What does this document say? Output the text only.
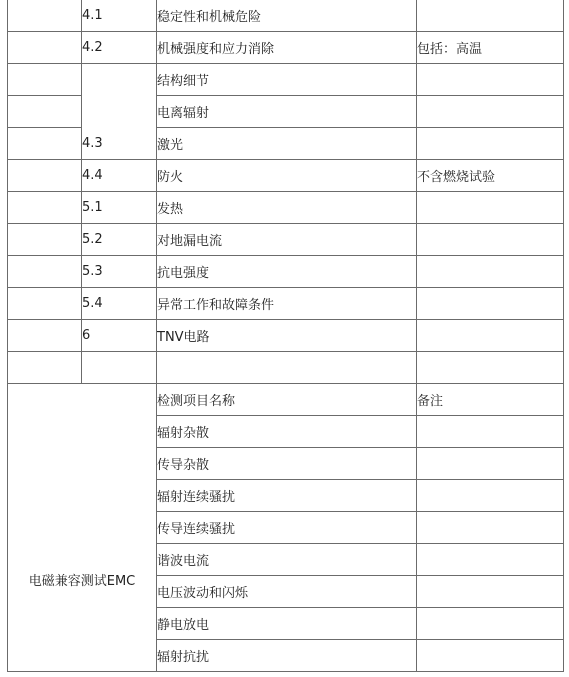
	4.1	稳定性和机械危险	
	4.2	机械强度和应力消除	包括：高温
	4.3	结构细节	
		电离辐射	
		激光	
	4.4	防火	不含燃烧试验
	5.1	发热	
	5.2	对地漏电流	
	5.3	抗电强度	
	5.4	异常工作和故障条件	
	6	TNV电路	

电磁兼容测试EMC		检测项目名称	备注
		辐射杂散	
		传导杂散	
		辐射连续骚扰	
		传导连续骚扰	
		谐波电流	
		电压波动和闪烁	
		静电放电	
		辐射抗扰	
